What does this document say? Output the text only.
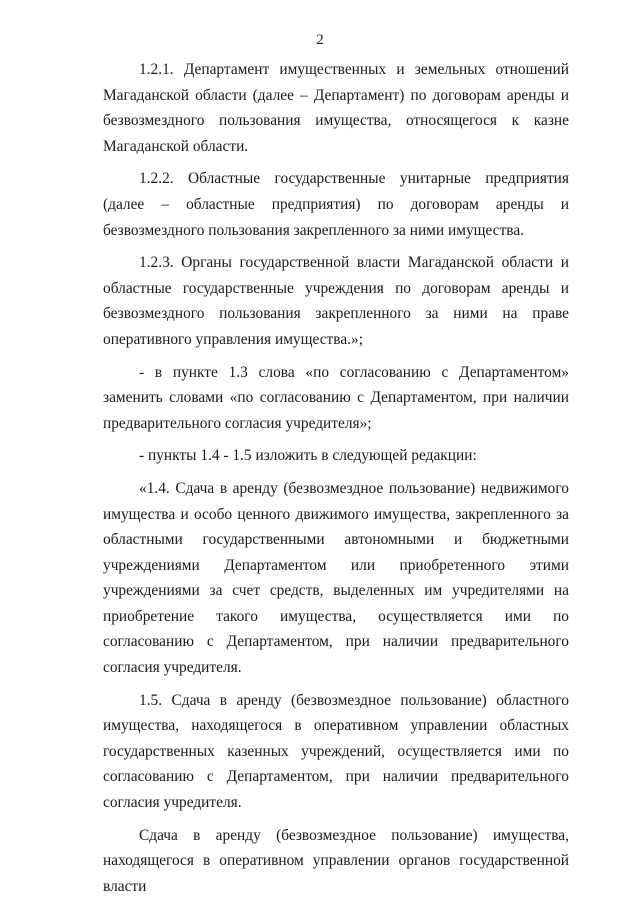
2

1.2.1. Департамент имущественных и земельных отношений Магаданской области (далее – Департамент) по договорам аренды и безвозмездного пользования имущества, относящегося к казне Магаданской области.

1.2.2. Областные государственные унитарные предприятия (далее – областные предприятия) по договорам аренды и безвозмездного пользования закрепленного за ними имущества.

1.2.3. Органы государственной власти Магаданской области и областные государственные учреждения по договорам аренды и безвозмездного пользования закрепленного за ними на праве оперативного управления имущества.»;

- в пункте 1.3 слова «по согласованию с Департаментом» заменить словами «по согласованию с Департаментом, при наличии предварительного согласия учредителя»;

- пункты 1.4 - 1.5 изложить в следующей редакции:

«1.4. Сдача в аренду (безвозмездное пользование) недвижимого имущества и особо ценного движимого имущества, закрепленного за областными государственными автономными и бюджетными учреждениями Департаментом или приобретенного этими учреждениями за счет средств, выделенных им учредителями на приобретение такого имущества, осуществляется ими по согласованию с Департаментом, при наличии предварительного согласия учредителя.

1.5. Сдача в аренду (безвозмездное пользование) областного имущества, находящегося в оперативном управлении областных государственных казенных учреждений, осуществляется ими по согласованию с Департаментом, при наличии предварительного согласия учредителя.

Сдача в аренду (безвозмездное пользование) имущества, находящегося в оперативном управлении органов государственной власти
